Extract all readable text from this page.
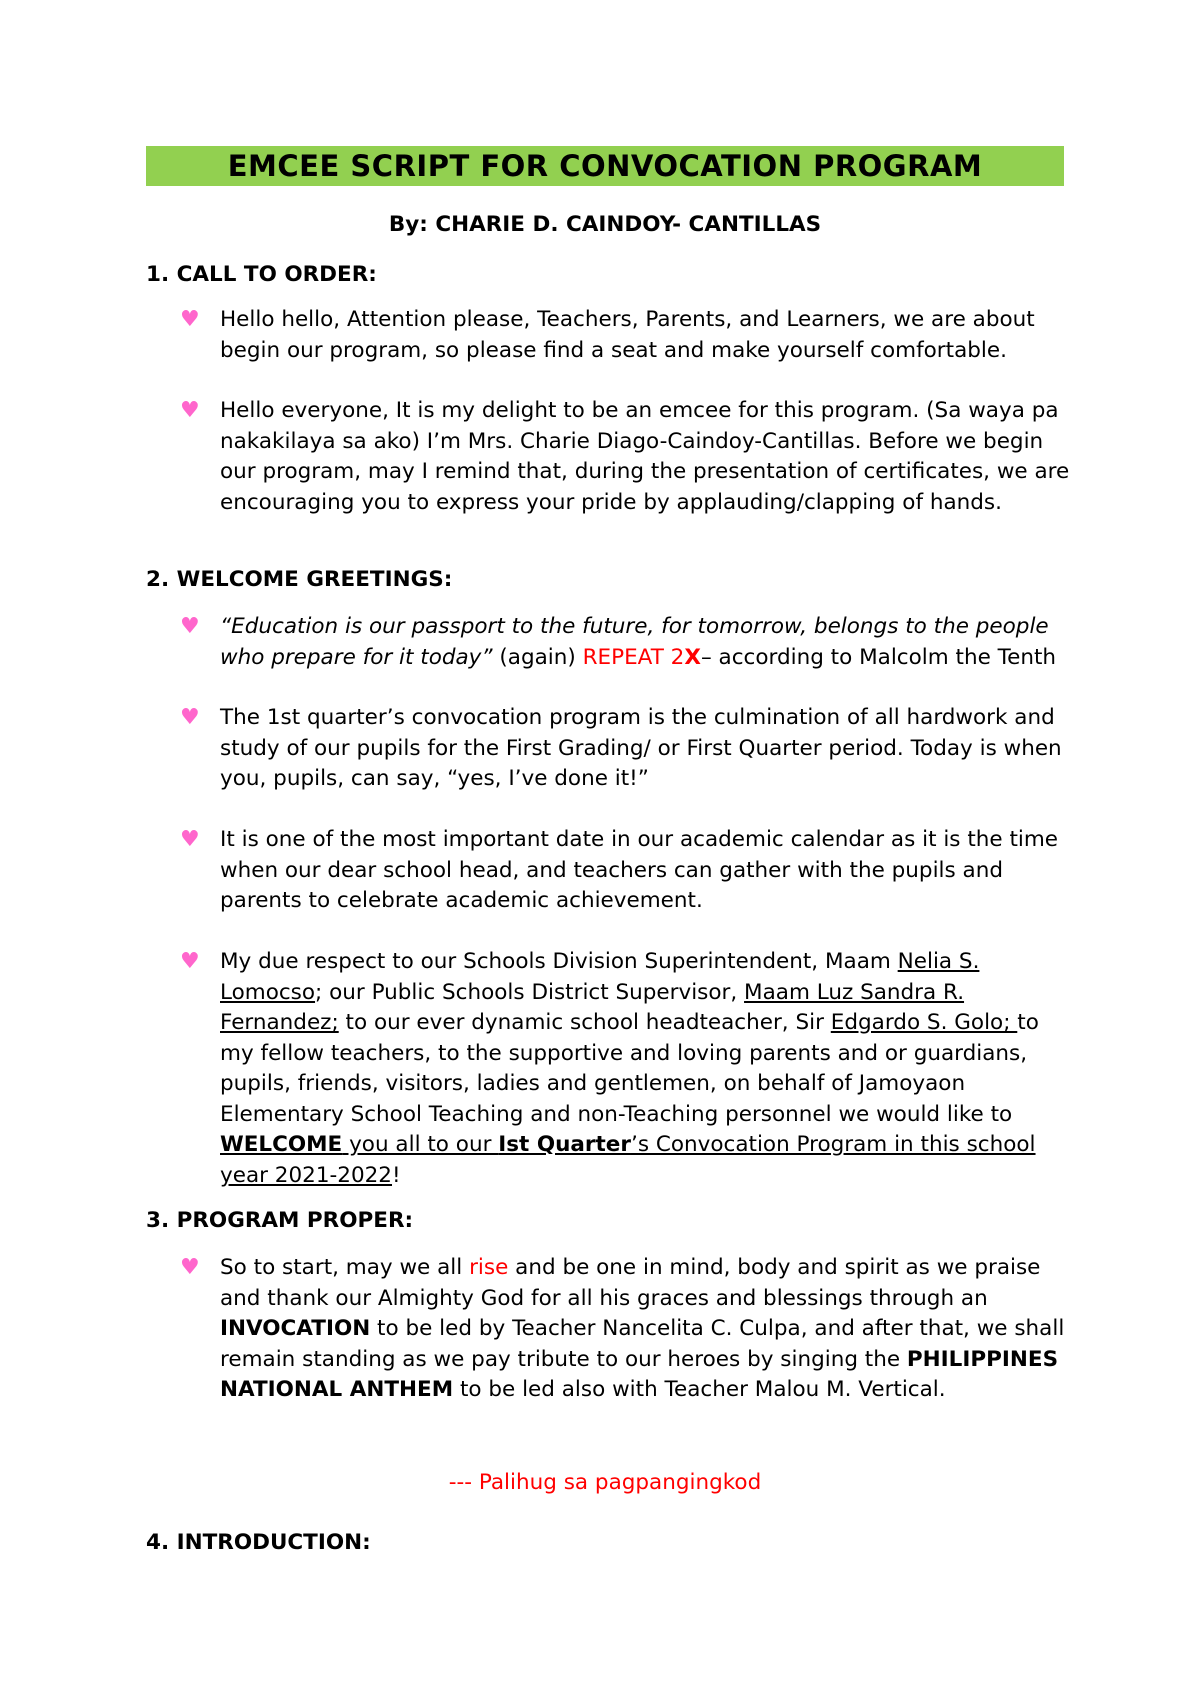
EMCEE SCRIPT FOR CONVOCATION PROGRAM
By: CHARIE D. CAINDOY- CANTILLAS
1. CALL TO ORDER:
♥ Hello hello, Attention please, Teachers, Parents, and Learners, we are about begin our program, so please find a seat and make yourself comfortable.
♥ Hello everyone, It is my delight to be an emcee for this program. (Sa waya pa nakakilaya sa ako) I’m Mrs. Charie Diago-Caindoy-Cantillas. Before we begin our program, may I remind that, during the presentation of certificates, we are encouraging you to express your pride by applauding/clapping of hands.
2. WELCOME GREETINGS:
♥ “Education is our passport to the future, for tomorrow, belongs to the people who prepare for it today” (again) REPEAT 2X– according to Malcolm the Tenth
♥ The 1st quarter’s convocation program is the culmination of all hardwork and study of our pupils for the First Grading/ or First Quarter period. Today is when you, pupils, can say, “yes, I’ve done it!”
♥ It is one of the most important date in our academic calendar as it is the time when our dear school head, and teachers can gather with the pupils and parents to celebrate academic achievement.
♥ My due respect to our Schools Division Superintendent, Maam Nelia S. Lomocso; our Public Schools District Supervisor, Maam Luz Sandra R. Fernandez; to our ever dynamic school headteacher, Sir Edgardo S. Golo; to my fellow teachers, to the supportive and loving parents and or guardians, pupils, friends, visitors, ladies and gentlemen, on behalf of Jamoyaon Elementary School Teaching and non-Teaching personnel we would like to WELCOME you all to our Ist Quarter’s Convocation Program in this school year 2021-2022!
3. PROGRAM PROPER:
♥ So to start, may we all rise and be one in mind, body and spirit as we praise and thank our Almighty God for all his graces and blessings through an INVOCATION to be led by Teacher Nancelita C. Culpa, and after that, we shall remain standing as we pay tribute to our heroes by singing the PHILIPPINES NATIONAL ANTHEM to be led also with Teacher Malou M. Vertical.
--- Palihug sa pagpangingkod
4. INTRODUCTION:
